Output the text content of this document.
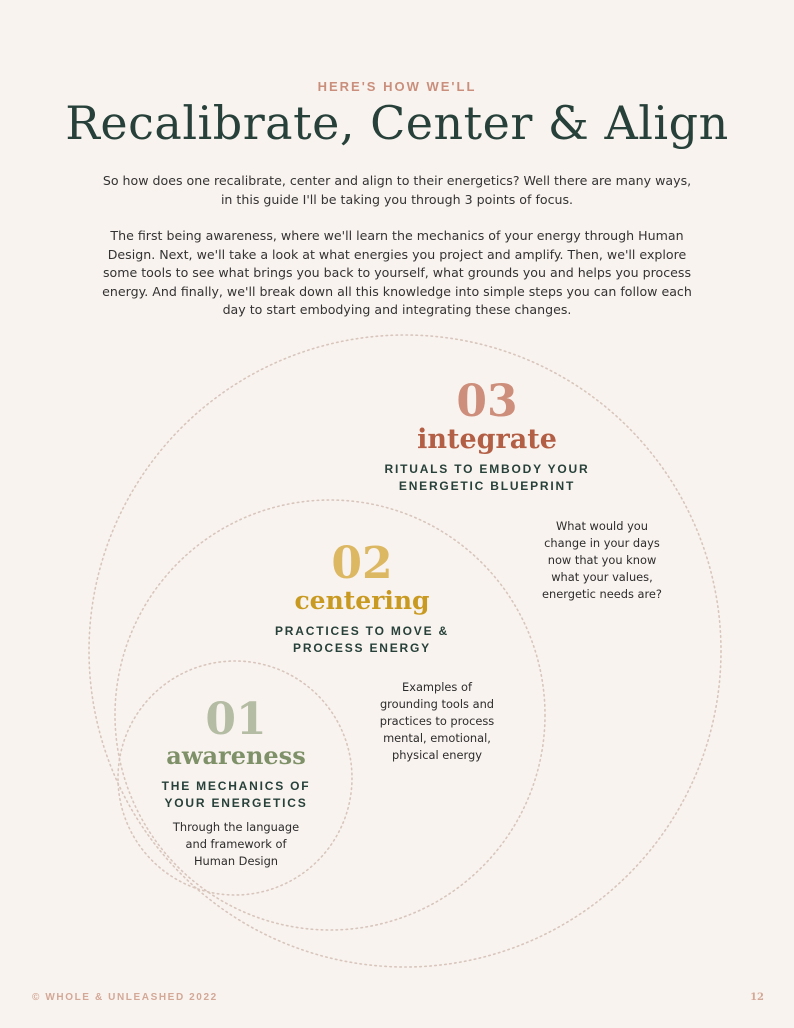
HERE'S HOW WE'LL
Recalibrate, Center & Align

So how does one recalibrate, center and align to their energetics? Well there are many ways, in this guide I'll be taking you through 3 points of focus.

The first being awareness, where we'll learn the mechanics of your energy through Human Design. Next, we'll take a look at what energies you project and amplify. Then, we'll explore some tools to see what brings you back to yourself, what grounds you and helps you process energy. And finally, we'll break down all this knowledge into simple steps you can follow each day to start embodying and integrating these changes.

03
integrate
RITUALS TO EMBODY YOUR
ENERGETIC BLUEPRINT
What would you change in your days now that you know what your values, energetic needs are?
02
centering
PRACTICES TO MOVE &
PROCESS ENERGY
Examples of grounding tools and practices to process mental, emotional, physical energy
01
awareness
THE MECHANICS OF
YOUR ENERGETICS
Through the language and framework of Human Design
© WHOLE & UNLEASHED 2022	12
